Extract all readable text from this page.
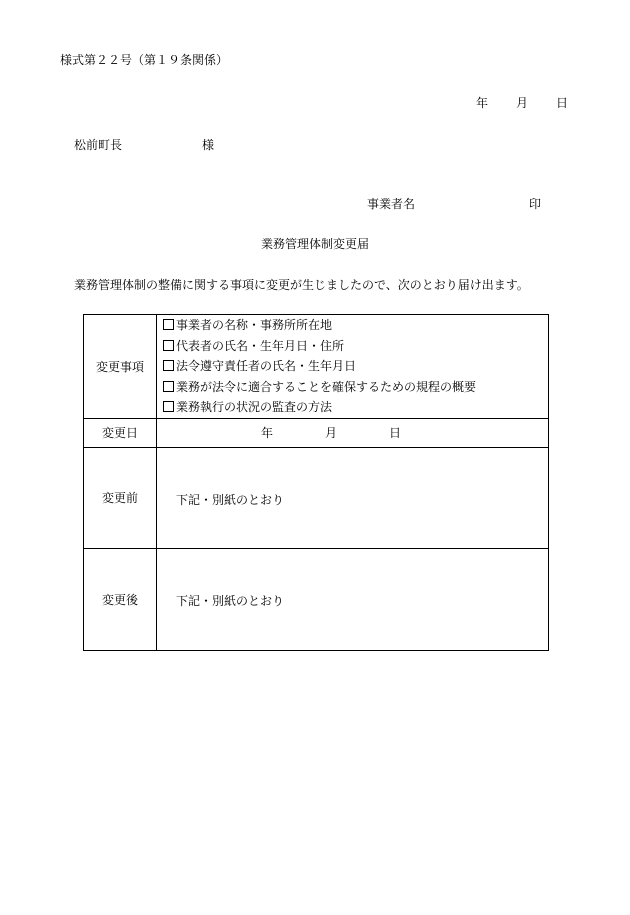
様式第２２号（第１９条関係）
年 月 日
松前町長	様
事業者名	印
業務管理体制変更届
業務管理体制の整備に関する事項に変更が生じましたので、次のとおり届け出ます。
変更事項	事業者の名称・事務所所在地
代表者の氏名・生年月日・住所
法令遵守責任者の氏名・生年月日
業務が法令に適合することを確保するための規程の概要
業務執行の状況の監査の方法

変更日	年 月 日
変更前	下記・別紙のとおり

変更後	下記・別紙のとおり
